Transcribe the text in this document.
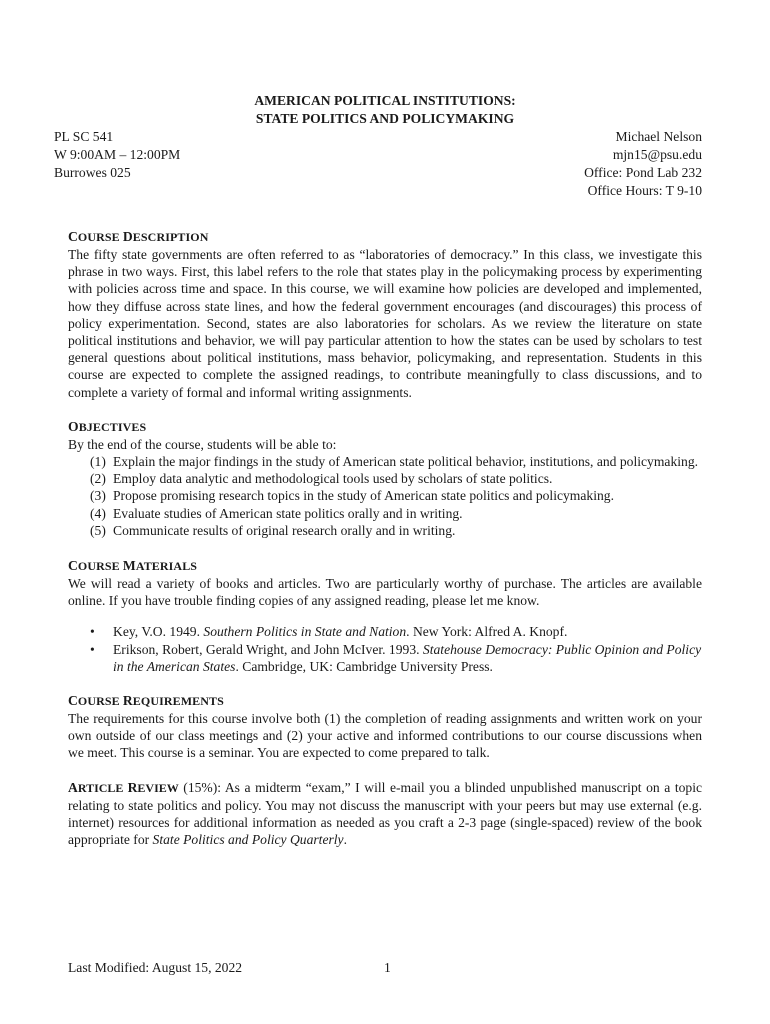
AMERICAN POLITICAL INSTITUTIONS:
STATE POLITICS AND POLICYMAKING
PL SC 541
W 9:00AM – 12:00PM
Burrowes 025
Michael Nelson
mjn15@psu.edu
Office: Pond Lab 232
Office Hours: T 9-10
COURSE DESCRIPTION

The fifty state governments are often referred to as “laboratories of democracy.” In this class, we investigate this phrase in two ways. First, this label refers to the role that states play in the policymaking process by experimenting with policies across time and space. In this course, we will examine how policies are developed and implemented, how they diffuse across state lines, and how the federal government encourages (and discourages) this process of policy experimentation. Second, states are also laboratories for scholars. As we review the literature on state political institutions and behavior, we will pay particular attention to how the states can be used by scholars to test general questions about political institutions, mass behavior, policymaking, and representation. Students in this course are expected to complete the assigned readings, to contribute meaningfully to class discussions, and to complete a variety of formal and informal writing assignments.

OBJECTIVES

By the end of the course, students will be able to:

(1) Explain the major findings in the study of American state political behavior, institutions, and policymaking.
(2) Employ data analytic and methodological tools used by scholars of state politics.
(3) Propose promising research topics in the study of American state politics and policymaking.
(4) Evaluate studies of American state politics orally and in writing.
(5) Communicate results of original research orally and in writing.
COURSE MATERIALS

We will read a variety of books and articles. Two are particularly worthy of purchase. The articles are available online. If you have trouble finding copies of any assigned reading, please let me know.

• Key, V.O. 1949. Southern Politics in State and Nation. New York: Alfred A. Knopf.
• Erikson, Robert, Gerald Wright, and John McIver. 1993. Statehouse Democracy: Public Opinion and Policy in the American States. Cambridge, UK: Cambridge University Press.
COURSE REQUIREMENTS

The requirements for this course involve both (1) the completion of reading assignments and written work on your own outside of our class meetings and (2) your active and informed contributions to our course discussions when we meet. This course is a seminar. You are expected to come prepared to talk.

ARTICLE REVIEW (15%): As a midterm “exam,” I will e-mail you a blinded unpublished manuscript on a topic relating to state politics and policy. You may not discuss the manuscript with your peers but may use external (e.g. internet) resources for additional information as needed as you craft a 2-3 page (single-spaced) review of the book appropriate for State Politics and Policy Quarterly.

Last Modified: August 15, 2022	1
